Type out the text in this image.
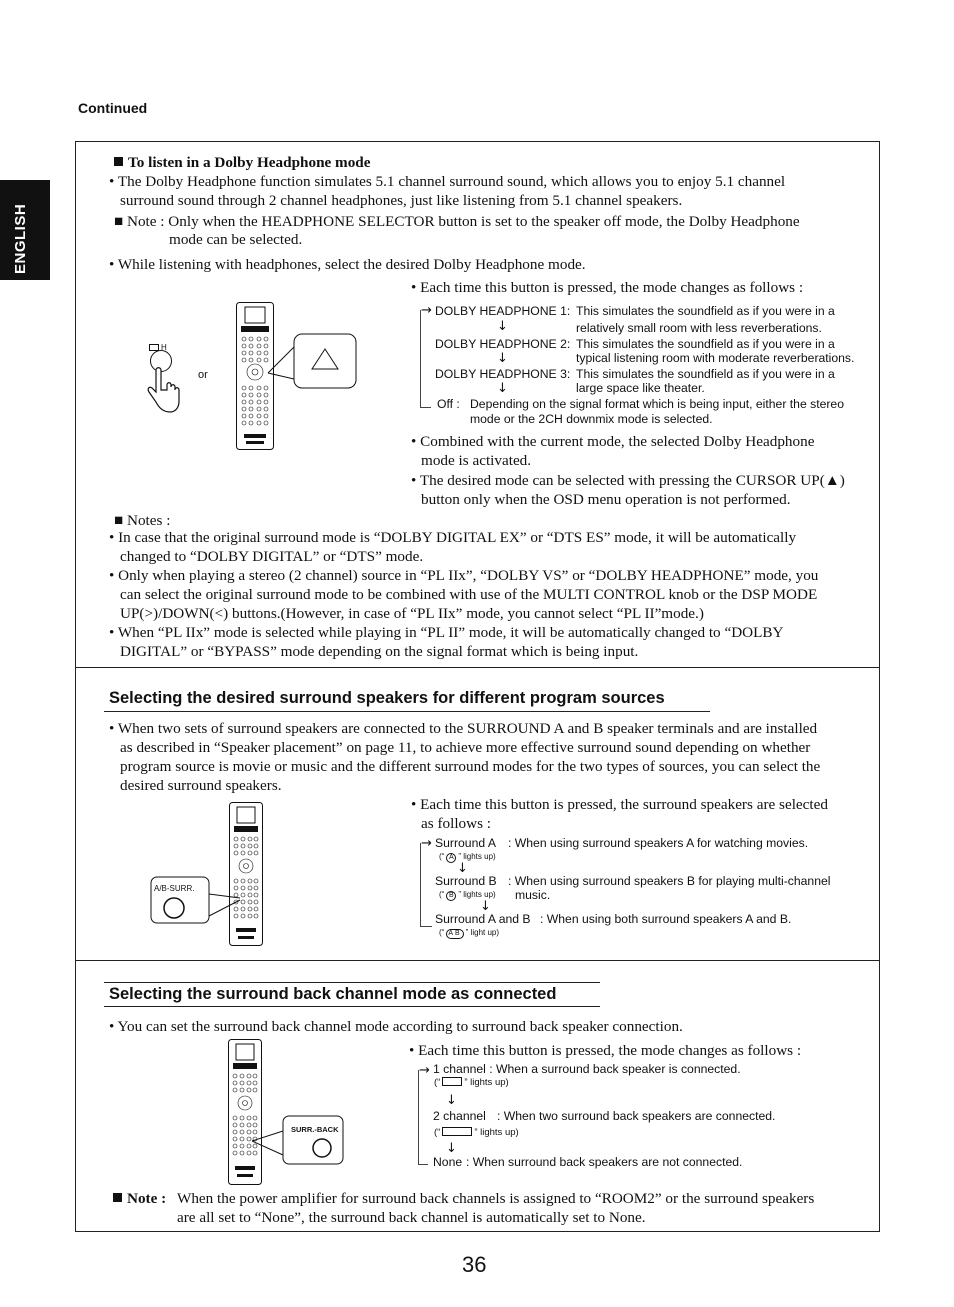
Continued
ENGLISH
To listen in a Dolby Headphone mode
• The Dolby Headphone function simulates 5.1 channel surround sound, which allows you to enjoy 5.1 channel
surround sound through 2 channel headphones, just like listening from 5.1 channel speakers.
■ Note : Only when the HEADPHONE SELECTOR button is set to the speaker off mode, the Dolby Headphone
mode can be selected.
• While listening with headphones, select the desired Dolby Headphone mode.
• Each time this button is pressed, the mode changes as follows :
H
or
→ DOLBY HEADPHONE 1: This simulates the soundfield as if you were in a
relatively small room with less reverberations.
↓
DOLBY HEADPHONE 2: This simulates the soundfield as if you were in a
typical listening room with moderate reverberations.
↓
DOLBY HEADPHONE 3: This simulates the soundfield as if you were in a
large space like theater.
↓
Off : Depending on the signal format which is being input, either the stereo
mode or the 2CH downmix mode is selected.
• Combined with the current mode, the selected Dolby Headphone
mode is activated.
• The desired mode can be selected with pressing the CURSOR UP(▲)
button only when the OSD menu operation is not performed.
■ Notes :
• In case that the original surround mode is “DOLBY DIGITAL EX” or “DTS ES” mode, it will be automatically
changed to “DOLBY DIGITAL” or “DTS” mode.
• Only when playing a stereo (2 channel) source in “PL IIx”, “DOLBY VS” or “DOLBY HEADPHONE” mode, you
can select the original surround mode to be combined with use of the MULTI CONTROL knob or the DSP MODE
UP(>)/DOWN(<) buttons.(However, in case of “PL IIx” mode, you cannot select “PL II”mode.)
• When “PL IIx” mode is selected while playing in “PL II” mode, it will be automatically changed to “DOLBY
DIGITAL” or “BYPASS” mode depending on the signal format which is being input.
Selecting the desired surround speakers for different program sources
• When two sets of surround speakers are connected to the SURROUND A and B speaker terminals and are installed
as described in “Speaker placement” on page 11, to achieve more effective surround sound depending on whether
program source is movie or music and the different surround modes for the two types of sources, you can select the
desired surround speakers.
• Each time this button is pressed, the surround speakers are selected
as follows :
A/B-SURR.
→ Surround A : When using surround speakers A for watching movies.
(“ A ” lights up)
↓
Surround B : When using surround speakers B for playing multi-channel
music.
(“ B ” lights up)
↓
Surround A and B : When using both surround speakers A and B.
(“ AB ” light up)
Selecting the surround back channel mode as connected
• You can set the surround back channel mode according to surround back speaker connection.
• Each time this button is pressed, the mode changes as follows :
SURR.-BACK
→ 1 channel : When a surround back speaker is connected.
(“	” lights up)
↓
2 channel : When two surround back speakers are connected.
(“	” lights up)
↓
None : When surround back speakers are not connected.
Note : When the power amplifier for surround back channels is assigned to “ROOM2” or the surround speakers
are all set to “None”, the surround back channel is automatically set to None.
36
